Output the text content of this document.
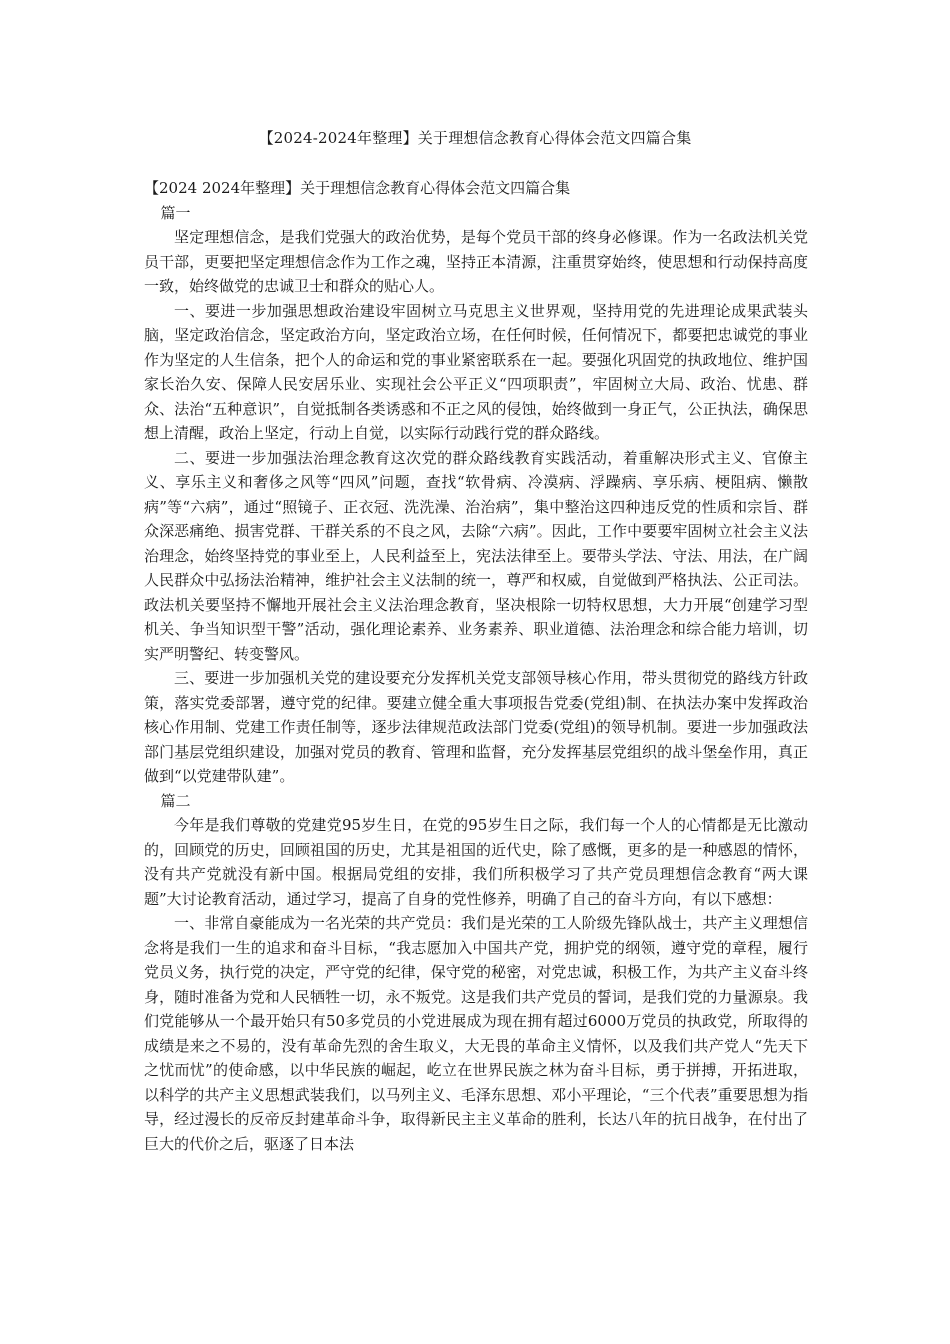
【2024-2024年整理】关于理想信念教育心得体会范文四篇合集

【2024 2024年整理】关于理想信念教育心得体会范文四篇合集

篇一

坚定理想信念，是我们党强大的政治优势，是每个党员干部的终身必修课。作为一名政法机关党员干部，更要把坚定理想信念作为工作之魂，坚持正本清源，注重贯穿始终，使思想和行动保持高度一致，始终做党的忠诚卫士和群众的贴心人。

一、要进一步加强思想政治建设牢固树立马克思主义世界观，坚持用党的先进理论成果武装头脑，坚定政治信念，坚定政治方向，坚定政治立场，在任何时候，任何情况下，都要把忠诚党的事业作为坚定的人生信条，把个人的命运和党的事业紧密联系在一起。要强化巩固党的执政地位、维护国家长治久安、保障人民安居乐业、实现社会公平正义“四项职责”，牢固树立大局、政治、忧患、群众、法治“五种意识”，自觉抵制各类诱惑和不正之风的侵蚀，始终做到一身正气，公正执法，确保思想上清醒，政治上坚定，行动上自觉，以实际行动践行党的群众路线。

二、要进一步加强法治理念教育这次党的群众路线教育实践活动，着重解决形式主义、官僚主义、享乐主义和奢侈之风等“四风”问题，查找“软骨病、冷漠病、浮躁病、享乐病、梗阻病、懒散病”等“六病”，通过“照镜子、正衣冠、洗洗澡、治治病”，集中整治这四种违反党的性质和宗旨、群众深恶痛绝、损害党群、干群关系的不良之风，去除“六病”。因此，工作中要要牢固树立社会主义法治理念，始终坚持党的事业至上，人民利益至上，宪法法律至上。要带头学法、守法、用法，在广阔人民群众中弘扬法治精神，维护社会主义法制的统一，尊严和权威，自觉做到严格执法、公正司法。政法机关要坚持不懈地开展社会主义法治理念教育，坚决根除一切特权思想，大力开展“创建学习型机关、争当知识型干警”活动，强化理论素养、业务素养、职业道德、法治理念和综合能力培训，切实严明警纪、转变警风。

三、要进一步加强机关党的建设要充分发挥机关党支部领导核心作用，带头贯彻党的路线方针政策，落实党委部署，遵守党的纪律。要建立健全重大事项报告党委(党组)制、在执法办案中发挥政治核心作用制、党建工作责任制等，逐步法律规范政法部门党委(党组)的领导机制。要进一步加强政法部门基层党组织建设，加强对党员的教育、管理和监督，充分发挥基层党组织的战斗堡垒作用，真正做到“以党建带队建”。

篇二

今年是我们尊敬的党建党95岁生日，在党的95岁生日之际，我们每一个人的心情都是无比激动的，回顾党的历史，回顾祖国的历史，尤其是祖国的近代史，除了感慨，更多的是一种感恩的情怀，没有共产党就没有新中国。根据局党组的安排，我们所积极学习了共产党员理想信念教育“两大课题”大讨论教育活动，通过学习，提高了自身的党性修养，明确了自己的奋斗方向，有以下感想：

一、非常自豪能成为一名光荣的共产党员：我们是光荣的工人阶级先锋队战士，共产主义理想信念将是我们一生的追求和奋斗目标，“我志愿加入中国共产党，拥护党的纲领，遵守党的章程，履行党员义务，执行党的决定，严守党的纪律，保守党的秘密，对党忠诚，积极工作，为共产主义奋斗终身，随时准备为党和人民牺牲一切，永不叛党。这是我们共产党员的誓词，是我们党的力量源泉。我们党能够从一个最开始只有50多党员的小党进展成为现在拥有超过6000万党员的执政党，所取得的成绩是来之不易的，没有革命先烈的舍生取义，大无畏的革命主义情怀，以及我们共产党人“先天下之忧而忧”的使命感，以中华民族的崛起，屹立在世界民族之林为奋斗目标，勇于拼搏，开拓进取，以科学的共产主义思想武装我们，以马列主义、毛泽东思想、邓小平理论，“三个代表”重要思想为指导，经过漫长的反帝反封建革命斗争，取得新民主主义革命的胜利，长达八年的抗日战争，在付出了巨大的代价之后，驱逐了日本法
